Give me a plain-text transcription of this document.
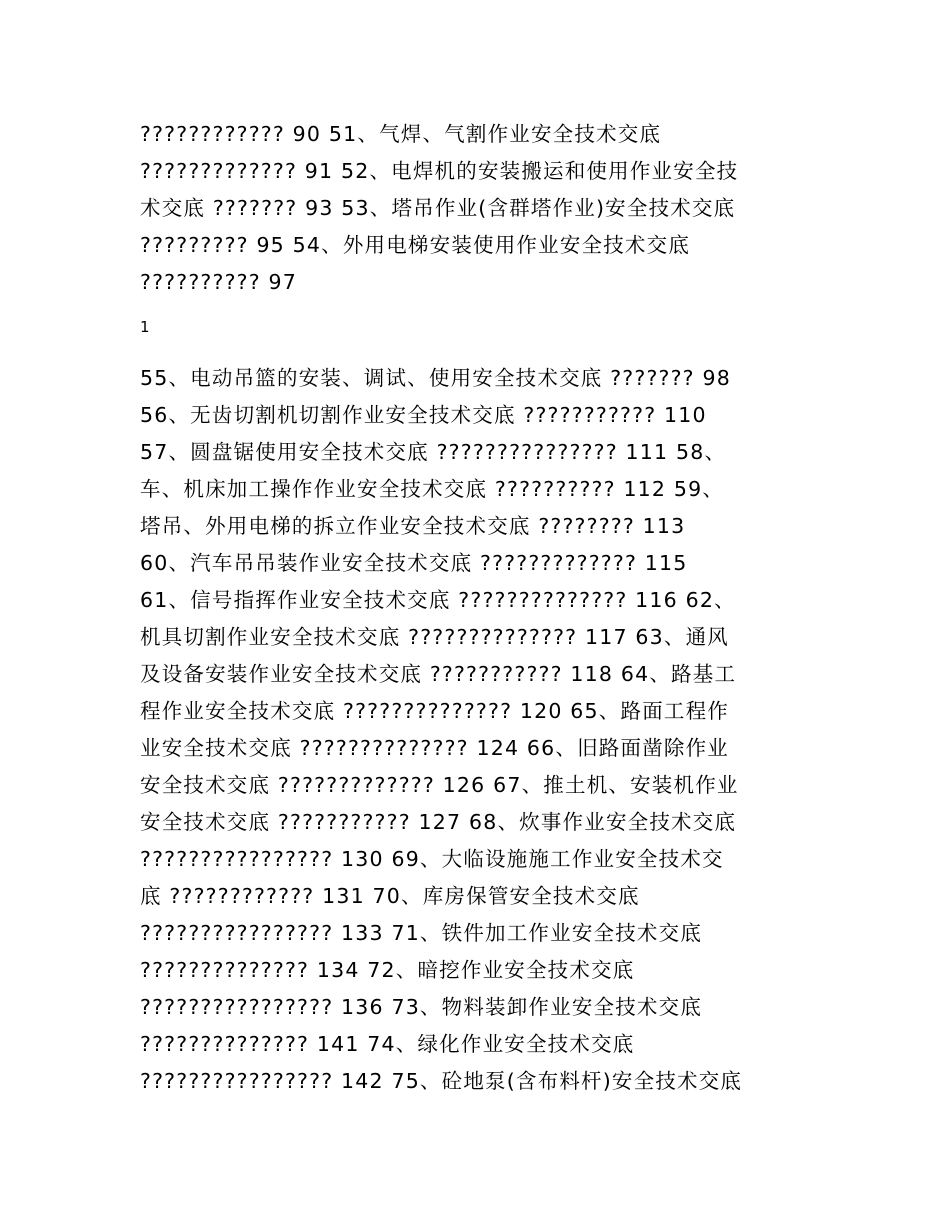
???????????? 90 51、气焊、气割作业安全技术交底
????????????? 91 52、电焊机的安装搬运和使用作业安全技
术交底 ??????? 93 53、塔吊作业(含群塔作业)安全技术交底
????????? 95 54、外用电梯安装使用作业安全技术交底
?????????? 97
1
55、电动吊篮的安装、调试、使用安全技术交底 ??????? 98
56、无齿切割机切割作业安全技术交底 ??????????? 110
57、圆盘锯使用安全技术交底 ??????????????? 111 58、
车、机床加工操作作业安全技术交底 ?????????? 112 59、
塔吊、外用电梯的拆立作业安全技术交底 ???????? 113
60、汽车吊吊装作业安全技术交底 ????????????? 115
61、信号指挥作业安全技术交底 ?????????????? 116 62、
机具切割作业安全技术交底 ?????????????? 117 63、通风
及设备安装作业安全技术交底 ??????????? 118 64、路基工
程作业安全技术交底 ?????????????? 120 65、路面工程作
业安全技术交底 ?????????????? 124 66、旧路面凿除作业
安全技术交底 ????????????? 126 67、推土机、安装机作业
安全技术交底 ??????????? 127 68、炊事作业安全技术交底
???????????????? 130 69、大临设施施工作业安全技术交
底 ???????????? 131 70、库房保管安全技术交底
???????????????? 133 71、铁件加工作业安全技术交底
?????????????? 134 72、暗挖作业安全技术交底
???????????????? 136 73、物料装卸作业安全技术交底
?????????????? 141 74、绿化作业安全技术交底
???????????????? 142 75、砼地泵(含布料杆)安全技术交底
